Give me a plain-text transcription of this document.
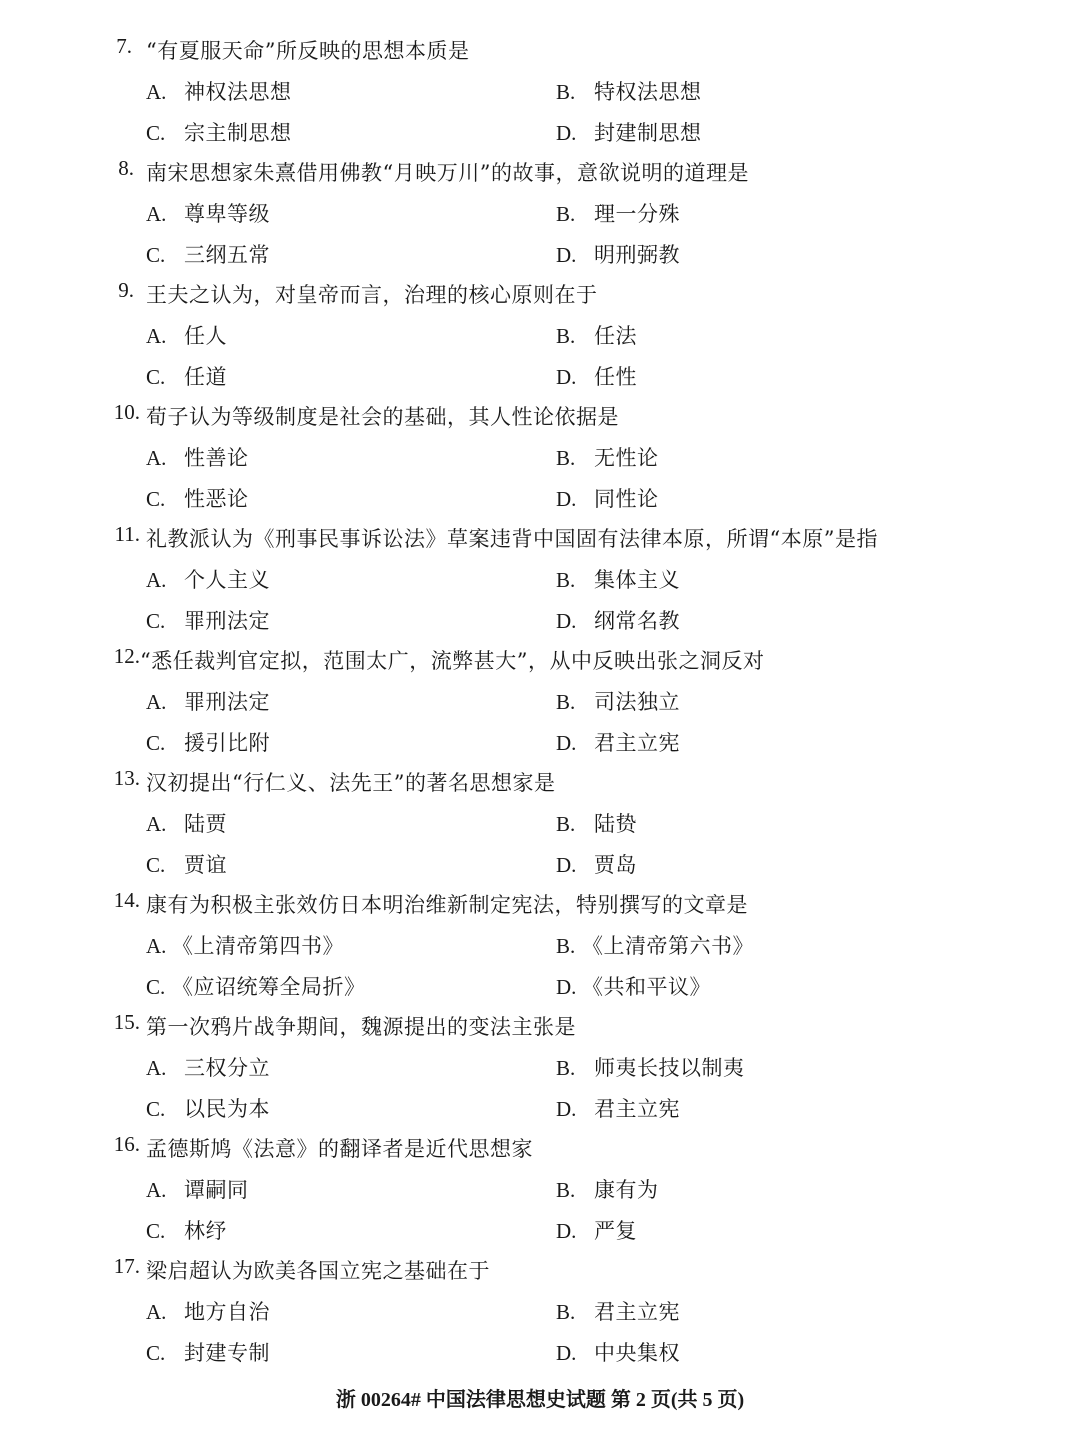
7. “有夏服天命”所反映的思想本质是
A. 神权法思想	B. 特权法思想
C. 宗主制思想	D. 封建制思想
8. 南宋思想家朱熹借用佛教“月映万川”的故事，意欲说明的道理是
A. 尊卑等级	B. 理一分殊
C. 三纲五常	D. 明刑弼教
9. 王夫之认为，对皇帝而言，治理的核心原则在于
A. 任人	B. 任法
C. 任道	D. 任性
10. 荀子认为等级制度是社会的基础，其人性论依据是
A. 性善论	B. 无性论
C. 性恶论	D. 同性论
11. 礼教派认为《刑事民事诉讼法》草案违背中国固有法律本原，所谓“本原”是指
A. 个人主义	B. 集体主义
C. 罪刑法定	D. 纲常名教
12. “悉任裁判官定拟，范围太广，流弊甚大”，从中反映出张之洞反对
A. 罪刑法定	B. 司法独立
C. 援引比附	D. 君主立宪
13. 汉初提出“行仁义、法先王”的著名思想家是
A. 陆贾	B. 陆贽
C. 贾谊	D. 贾岛
14. 康有为积极主张效仿日本明治维新制定宪法，特别撰写的文章是
A. 《上清帝第四书》	B. 《上清帝第六书》
C. 《应诏统筹全局折》	D. 《共和平议》
15. 第一次鸦片战争期间，魏源提出的变法主张是
A. 三权分立	B. 师夷长技以制夷
C. 以民为本	D. 君主立宪
16. 孟德斯鸠《法意》的翻译者是近代思想家
A. 谭嗣同	B. 康有为
C. 林纾	D. 严复
17. 梁启超认为欧美各国立宪之基础在于
A. 地方自治	B. 君主立宪
C. 封建专制	D. 中央集权
浙 00264# 中国法律思想史试题 第 2 页(共 5 页)
